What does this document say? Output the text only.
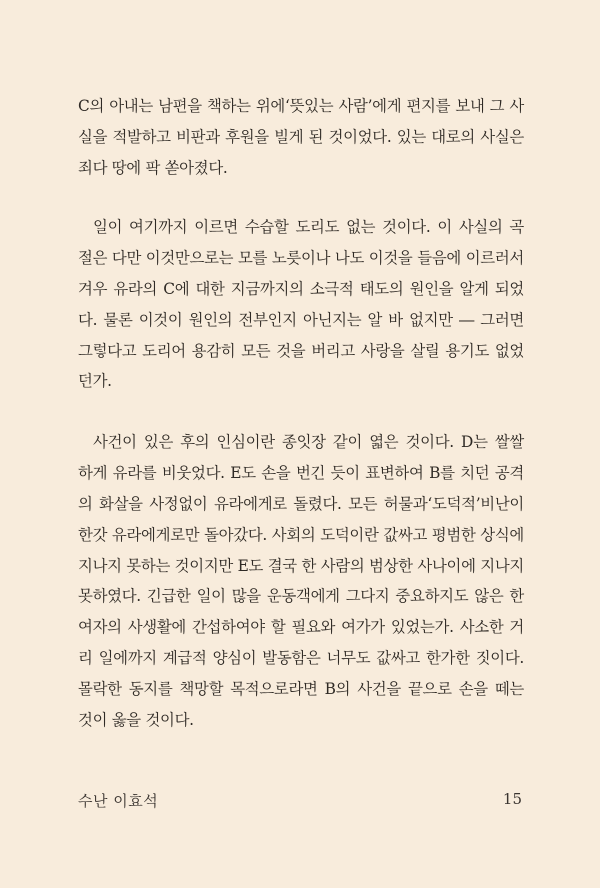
C의 아내는 남편을 책하는 위에‘뜻있는 사람’에게 편지를 보내 그 사
실을 적발하고 비판과 후원을 빌게 된 것이었다. 있는 대로의 사실은
죄다 땅에 팍 쏟아졌다.
일이 여기까지 이르면 수습할 도리도 없는 것이다. 이 사실의 곡
절은 다만 이것만으로는 모를 노릇이나 나도 이것을 들음에 이르러서
겨우 유라의 C에 대한 지금까지의 소극적 태도의 원인을 알게 되었
다. 물론 이것이 원인의 전부인지 아닌지는 알 바 없지만 ― 그러면
그렇다고 도리어 용감히 모든 것을 버리고 사랑을 살릴 용기도 없었
던가.
사건이 있은 후의 인심이란 종잇장 같이 엷은 것이다. D는 쌀쌀
하게 유라를 비웃었다. E도 손을 번긴 듯이 표변하여 B를 치던 공격
의 화살을 사정없이 유라에게로 돌렸다. 모든 허물과‘도덕적’비난이
한갓 유라에게로만 돌아갔다. 사회의 도덕이란 값싸고 평범한 상식에
지나지 못하는 것이지만 E도 결국 한 사람의 범상한 사나이에 지나지
못하였다. 긴급한 일이 많을 운동객에게 그다지 중요하지도 않은 한
여자의 사생활에 간섭하여야 할 필요와 여가가 있었는가. 사소한 거
리 일에까지 계급적 양심이 발동함은 너무도 값싸고 한가한 짓이다.
몰락한 동지를 책망할 목적으로라면 B의 사건을 끝으로 손을 떼는
것이 옳을 것이다.
수난 이효석	15
